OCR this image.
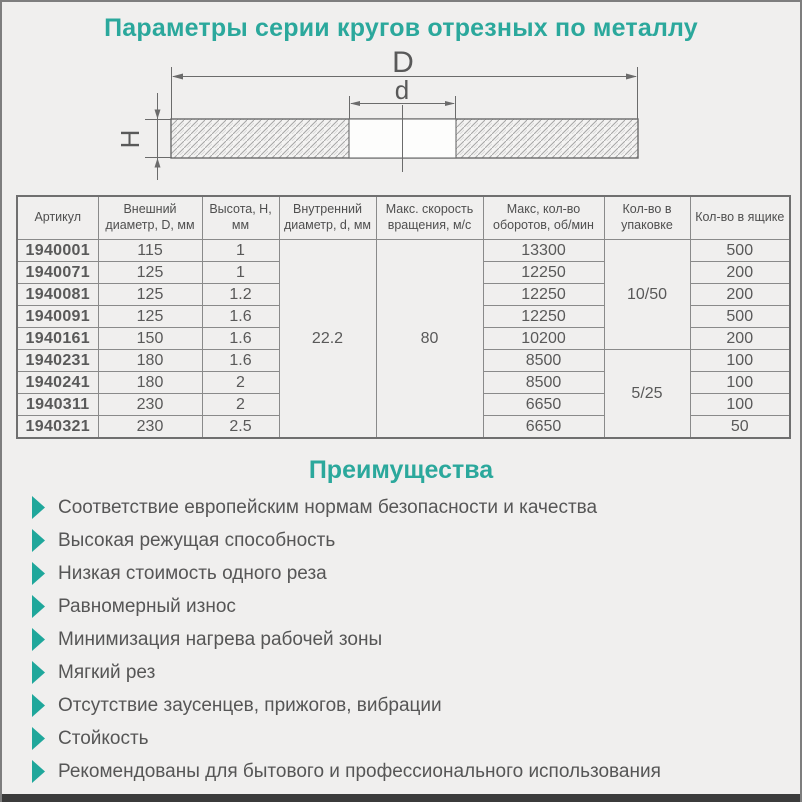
Параметры серии кругов отрезных по металлу
D
d
H
Артикул	Внешний диаметр, D, мм	Высота, Н, мм	Внутренний диаметр, d, мм	Макс. скорость вращения, м/с	Макс, кол-во оборотов, об/мин	Кол-во в упаковке	Кол-во в ящике
1940001	115	1	22.2	80	13300	10/50	500
1940071	125	1			12250		200
1940081	125	1.2			12250		200
1940091	125	1.6			12250		500
1940161	150	1.6			10200		200
1940231	180	1.6			8500	5/25	100
1940241	180	2			8500		100
1940311	230	2			6650		100
1940321	230	2.5			6650		50
Преимущества
Соответствие европейским нормам безопасности и качества
Высокая режущая способность
Низкая стоимость одного реза
Равномерный износ
Минимизация нагрева рабочей зоны
Мягкий рез
Отсутствие заусенцев, прижогов, вибрации
Стойкость
Рекомендованы для бытового и профессионального использования
